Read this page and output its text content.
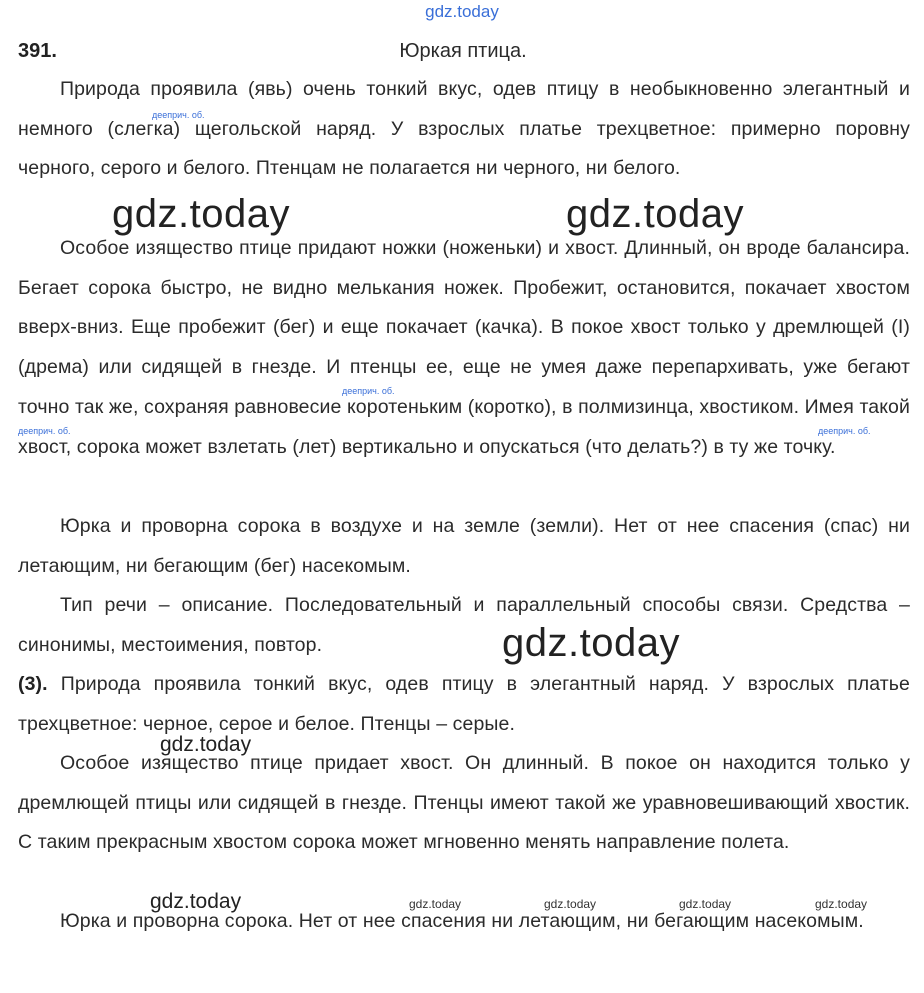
gdz.today
391.	Юркая птица.
дееприч. об.
дееприч. об.
дееприч. об.	дееприч. об.
Природа проявила (явь) очень тонкий вкус, одев птицу в необыкновенно элегантный и немного (слегка) щегольской наряд. У взрослых платье трехцветное: примерно поровну черного, серого и белого. Птенцам не полагается ни черного, ни белого.
Особое изящество птице придают ножки (ноженьки) и хвост. Длинный, он вроде балансира. Бегает сорока быстро, не видно мелькания ножек. Пробежит, остановится, покачает хвостом вверх-вниз. Еще пробежит (бег) и еще покачает (качка). В покое хвост только у дремлющей (I) (дрема) или сидящей в гнезде. И птенцы ее, еще не умея даже перепархивать, уже бегают точно так же, сохраняя равновесие коротеньким (коротко), в полмизинца, хвостиком. Имея такой хвост, сорока может взлетать (лет) вертикально и опускаться (что делать?) в ту же точку.
Юрка и проворна сорока в воздухе и на земле (земли). Нет от нее спасения (спас) ни летающим, ни бегающим (бег) насекомым.
Тип речи – описание. Последовательный и параллельный способы связи. Средства – синонимы, местоимения, повтор.
(3). Природа проявила тонкий вкус, одев птицу в элегантный наряд. У взрослых платье трехцветное: черное, серое и белое. Птенцы – серые.
Особое изящество птице придает хвост. Он длинный. В покое он находится только у дремлющей птицы или сидящей в гнезде. Птенцы имеют такой же уравновешивающий хвостик. С таким прекрасным хвостом сорока может мгновенно менять направление полета.
Юрка и проворна сорока. Нет от нее спасения ни летающим, ни бегающим насекомым.
gdz.today	gdz.today
gdz.today
gdz.today
gdz.today	gdz.today	gdz.today	gdz.today	gdz.today
